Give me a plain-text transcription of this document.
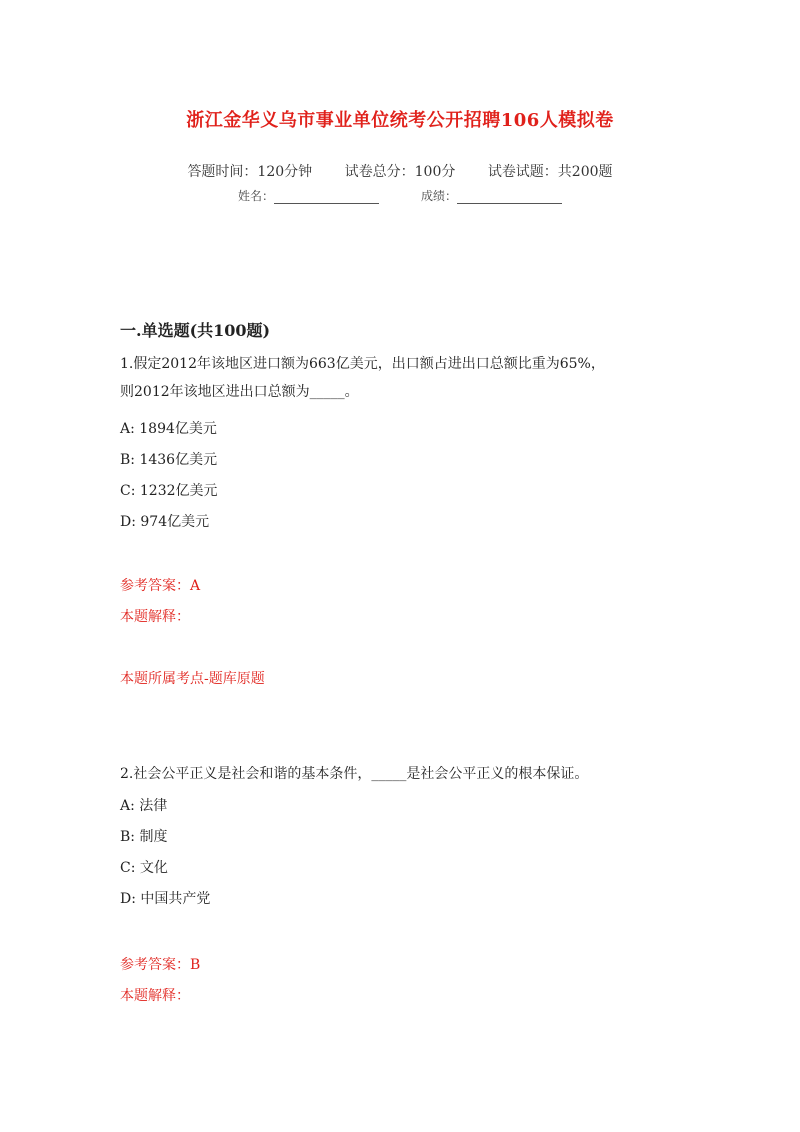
浙江金华义乌市事业单位统考公开招聘106人模拟卷
答题时间：120分钟 试卷总分：100分 试卷试题：共200题
姓名：	成绩：
一.单选题(共100题)
1.假定2012年该地区进口额为663亿美元，出口额占进出口总额比重为65%，
则2012年该地区进出口总额为_____。
A: 1894亿美元
B: 1436亿美元
C: 1232亿美元
D: 974亿美元
参考答案：A
本题解释：
本题所属考点-题库原题
2.社会公平正义是社会和谐的基本条件，_____是社会公平正义的根本保证。
A: 法律
B: 制度
C: 文化
D: 中国共产党
参考答案：B
本题解释：
